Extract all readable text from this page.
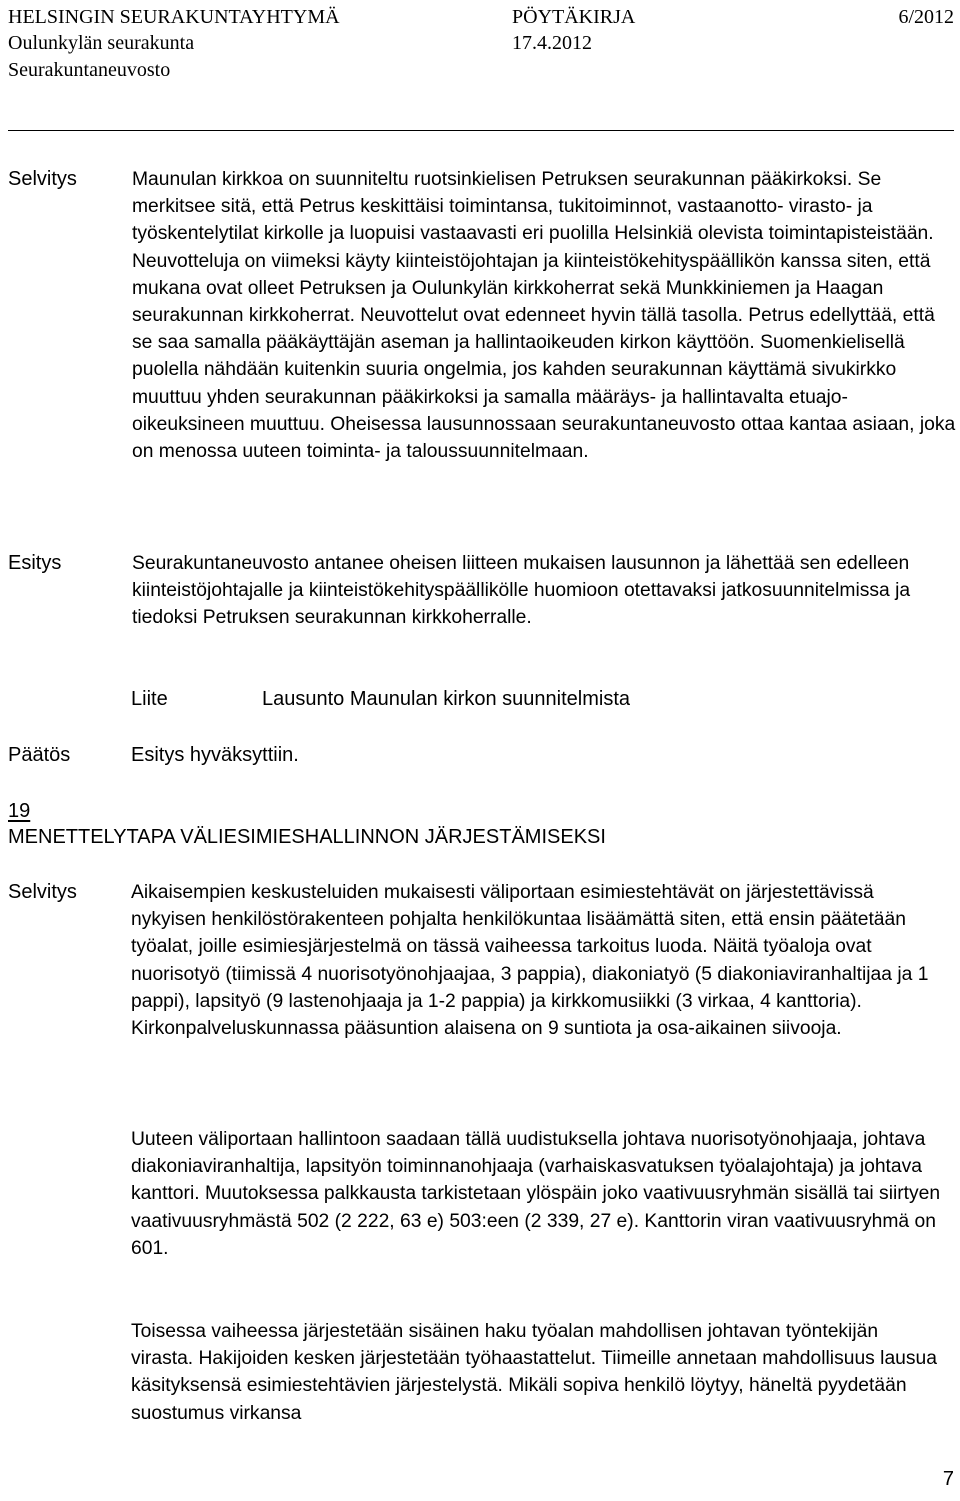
HELSINGIN SEURAKUNTAYHTYMÄ	PÖYTÄKIRJA	6/2012
Oulunkylän seurakunta	17.4.2012
Seurakuntaneuvosto
Selvitys	Maunulan kirkkoa on suunniteltu ruotsinkielisen Petruksen seurakunnan pääkirkoksi. Se merkitsee sitä, että Petrus keskittäisi toimintansa, tukitoiminnot, vastaanotto- virasto- ja työskentelytilat kirkolle ja luopuisi vastaavasti eri puolilla Helsinkiä olevista toimintapisteistään. Neuvotteluja on viimeksi käyty kiinteistöjohtajan ja kiinteistökehityspäällikön kanssa siten, että mukana ovat olleet Petruksen ja Oulunkylän kirkkoherrat sekä Munkkiniemen ja Haagan seurakunnan kirkkoherrat. Neuvottelut ovat edenneet hyvin tällä tasolla. Petrus edellyttää, että se saa samalla pääkäyttäjän aseman ja hallintaoikeuden kirkon käyttöön. Suomenkielisellä puolella nähdään kuitenkin suuria ongelmia, jos kahden seurakunnan käyttämä sivukirkko muuttuu yhden seurakunnan pääkirkoksi ja samalla määräys- ja hallintavalta etuajo-oikeuksineen muuttuu. Oheisessa lausunnossaan seurakuntaneuvosto ottaa kantaa asiaan, joka on menossa uuteen toiminta- ja taloussuunnitelmaan.

Esitys	Seurakuntaneuvosto antanee oheisen liitteen mukaisen lausunnon ja lähettää sen edelleen kiinteistöjohtajalle ja kiinteistökehityspäällikölle huomioon otettavaksi jatkosuunnitelmissa ja tiedoksi Petruksen seurakunnan kirkkoherralle.

Liite	Lausunto Maunulan kirkon suunnitelmista
Päätös	Esitys hyväksyttiin.
19
MENETTELYTAPA VÄLIESIMIESHALLINNON JÄRJESTÄMISEKSI
Selvitys	Aikaisempien keskusteluiden mukaisesti väliportaan esimiestehtävät on järjestettävissä nykyisen henkilöstörakenteen pohjalta henkilökuntaa lisäämättä siten, että ensin päätetään työalat, joille esimiesjärjestelmä on tässä vaiheessa tarkoitus luoda. Näitä työaloja ovat nuorisotyö (tiimissä 4 nuorisotyönohjaajaa, 3 pappia), diakoniatyö (5 diakoniaviranhaltijaa ja 1 pappi), lapsityö (9 lastenohjaaja ja 1-2 pappia) ja kirkkomusiikki (3 virkaa, 4 kanttoria). Kirkonpalveluskunnassa pääsuntion alaisena on 9 suntiota ja osa-aikainen siivooja.

Uuteen väliportaan hallintoon saadaan tällä uudistuksella johtava nuorisotyönohjaaja, johtava diakoniaviranhaltija, lapsityön toiminnanohjaaja (varhaiskasvatuksen työalajohtaja) ja johtava kanttori. Muutoksessa palkkausta tarkistetaan ylöspäin joko vaativuusryhmän sisällä tai siirtyen vaativuusryhmästä 502 (2 222, 63 e) 503:een (2 339, 27 e). Kanttorin viran vaativuusryhmä on 601.

Toisessa vaiheessa järjestetään sisäinen haku työalan mahdollisen johtavan työntekijän virasta. Hakijoiden kesken järjestetään työhaastattelut. Tiimeille annetaan mahdollisuus lausua käsityksensä esimiestehtävien järjestelystä. Mikäli sopiva henkilö löytyy, häneltä pyydetään suostumus virkansa

7
